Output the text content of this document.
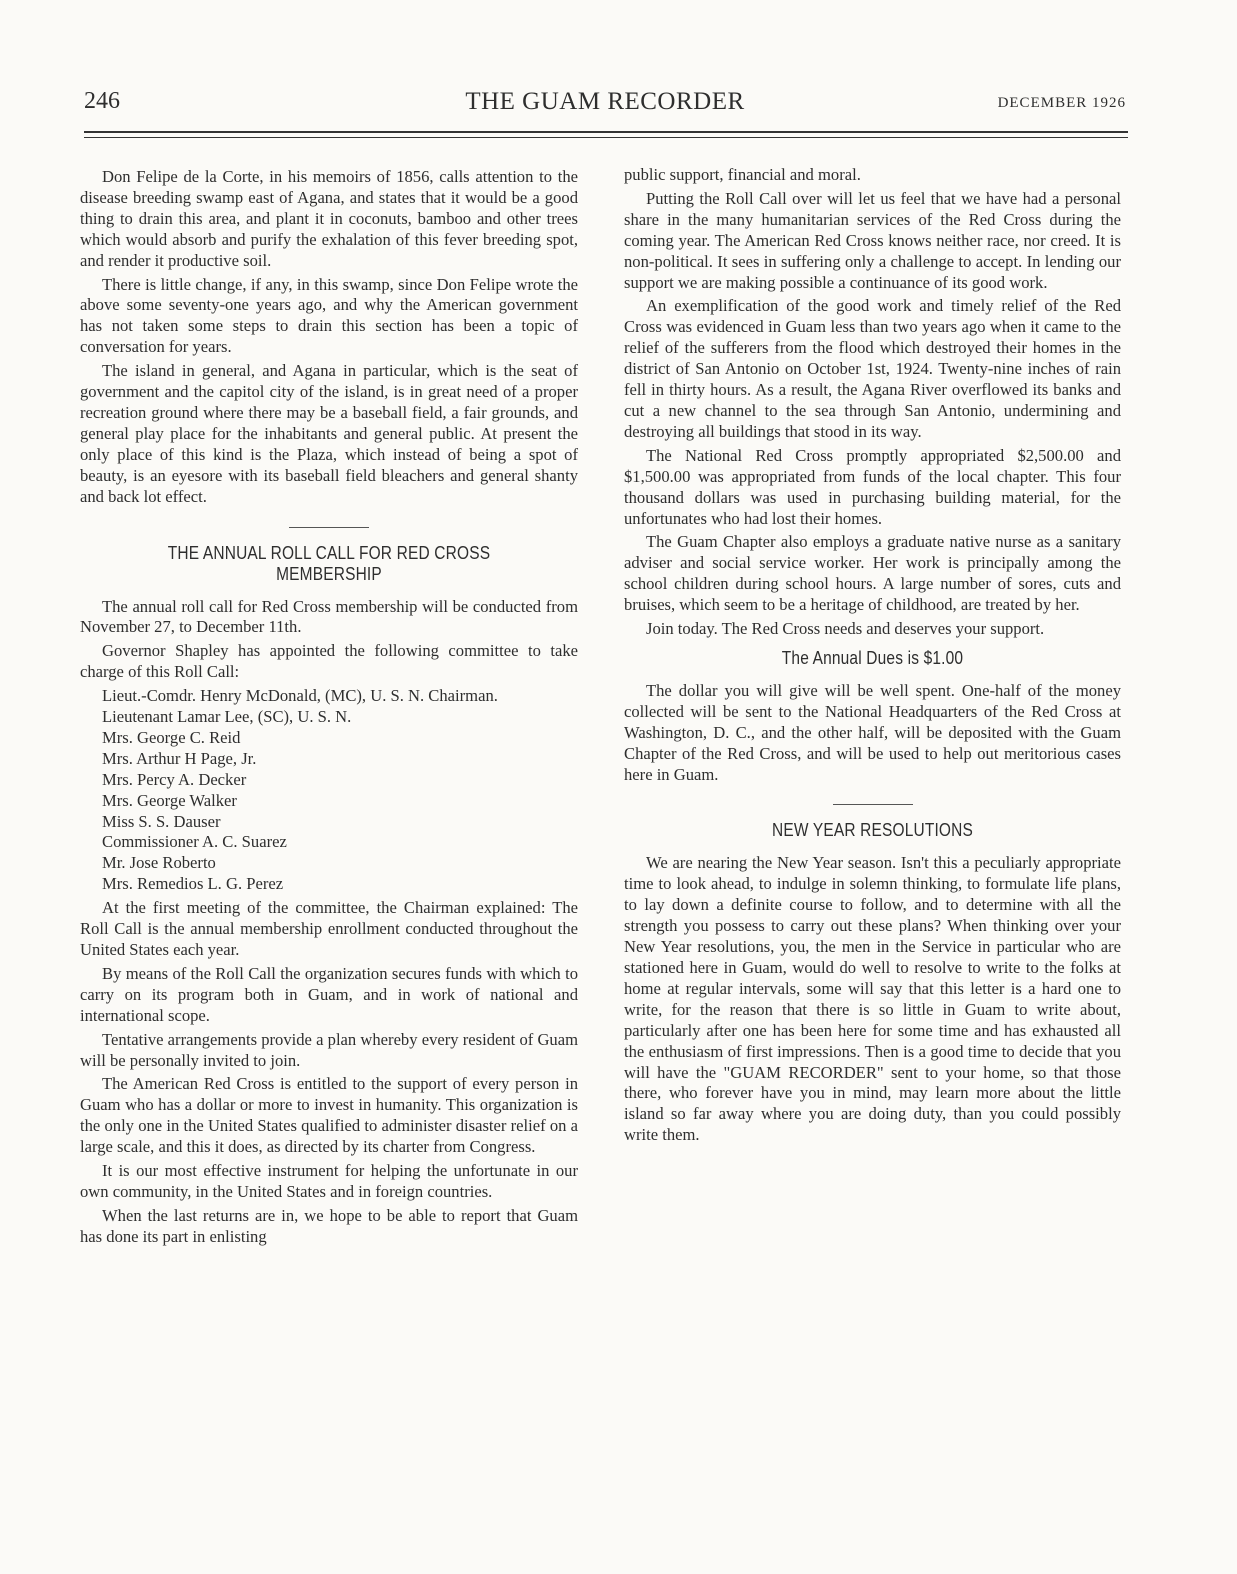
246	THE GUAM RECORDER	DECEMBER 1926

Don Felipe de la Corte, in his memoirs of 1856, calls attention to the disease breeding swamp east of Agana, and states that it would be a good thing to drain this area, and plant it in coconuts, bamboo and other trees which would absorb and purify the exhalation of this fever breeding spot, and render it productive soil.

There is little change, if any, in this swamp, since Don Felipe wrote the above some seventy-one years ago, and why the American government has not taken some steps to drain this section has been a topic of conversation for years.

The island in general, and Agana in particular, which is the seat of government and the capitol city of the island, is in great need of a proper recreation ground where there may be a baseball field, a fair grounds, and general play place for the inhabitants and general public. At present the only place of this kind is the Plaza, which instead of being a spot of beauty, is an eyesore with its baseball field bleachers and general shanty and back lot effect.

THE ANNUAL ROLL CALL FOR RED CROSS MEMBERSHIP

The annual roll call for Red Cross membership will be conducted from November 27, to December 11th.

Governor Shapley has appointed the following committee to take charge of this Roll Call:

Lieut.-Comdr. Henry McDonald, (MC), U. S. N. Chairman.
Lieutenant Lamar Lee, (SC), U. S. N.
Mrs. George C. Reid
Mrs. Arthur H Page, Jr.
Mrs. Percy A. Decker
Mrs. George Walker
Miss S. S. Dauser
Commissioner A. C. Suarez
Mr. Jose Roberto
Mrs. Remedios L. G. Perez

At the first meeting of the committee, the Chairman explained: The Roll Call is the annual membership enrollment conducted throughout the United States each year.

By means of the Roll Call the organization secures funds with which to carry on its program both in Guam, and in work of national and international scope.

Tentative arrangements provide a plan whereby every resident of Guam will be personally invited to join.

The American Red Cross is entitled to the support of every person in Guam who has a dollar or more to invest in humanity. This organization is the only one in the United States qualified to administer disaster relief on a large scale, and this it does, as directed by its charter from Congress.

It is our most effective instrument for helping the unfortunate in our own community, in the United States and in foreign countries.

When the last returns are in, we hope to be able to report that Guam has done its part in enlisting

public support, financial and moral.

Putting the Roll Call over will let us feel that we have had a personal share in the many humanitarian services of the Red Cross during the coming year. The American Red Cross knows neither race, nor creed. It is non-political. It sees in suffering only a challenge to accept. In lending our support we are making possible a continuance of its good work.

An exemplification of the good work and timely relief of the Red Cross was evidenced in Guam less than two years ago when it came to the relief of the sufferers from the flood which destroyed their homes in the district of San Antonio on October 1st, 1924. Twenty-nine inches of rain fell in thirty hours. As a result, the Agana River overflowed its banks and cut a new channel to the sea through San Antonio, undermining and destroying all buildings that stood in its way.

The National Red Cross promptly appropriated $2,500.00 and $1,500.00 was appropriated from funds of the local chapter. This four thousand dollars was used in purchasing building material, for the unfortunates who had lost their homes.

The Guam Chapter also employs a graduate native nurse as a sanitary adviser and social service worker. Her work is principally among the school children during school hours. A large number of sores, cuts and bruises, which seem to be a heritage of childhood, are treated by her.

Join today. The Red Cross needs and deserves your support.

The Annual Dues is $1.00

The dollar you will give will be well spent. One-half of the money collected will be sent to the National Headquarters of the Red Cross at Washington, D. C., and the other half, will be deposited with the Guam Chapter of the Red Cross, and will be used to help out meritorious cases here in Guam.

NEW YEAR RESOLUTIONS

We are nearing the New Year season. Isn't this a peculiarly appropriate time to look ahead, to indulge in solemn thinking, to formulate life plans, to lay down a definite course to follow, and to determine with all the strength you possess to carry out these plans? When thinking over your New Year resolutions, you, the men in the Service in particular who are stationed here in Guam, would do well to resolve to write to the folks at home at regular intervals, some will say that this letter is a hard one to write, for the reason that there is so little in Guam to write about, particularly after one has been here for some time and has exhausted all the enthusiasm of first impressions. Then is a good time to decide that you will have the "GUAM RECORDER" sent to your home, so that those there, who forever have you in mind, may learn more about the little island so far away where you are doing duty, than you could possibly write them.
